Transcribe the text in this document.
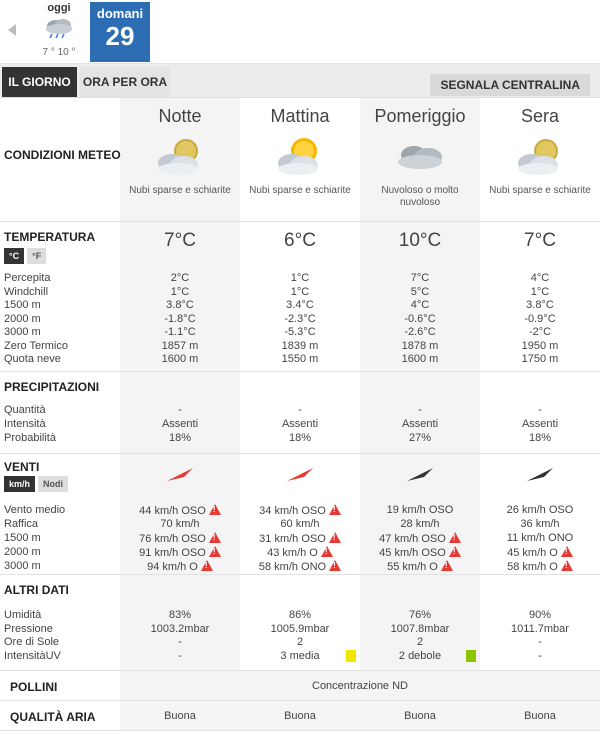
oggi
7 ° 10 °
domani
29
IL GIORNO	ORA PER ORA	SEGNALA CENTRALINA
CONDIZIONI METEO
Notte
Nubi sparse e schiarite
Mattina
Nubi sparse e schiarite
Pomeriggio
Nuvoloso o molto nuvoloso
Sera
Nubi sparse e schiarite
TEMPERATURA
°C	°F
7°C	6°C	10°C	7°C
Percepita	2°C	1°C	7°C	4°C
Windchill	1°C	1°C	5°C	1°C
1500 m	3.8°C	3.4°C	4°C	3.8°C
2000 m	-1.8°C	-2.3°C	-0.6°C	-0.9°C
3000 m	-1.1°C	-5.3°C	-2.6°C	-2°C
Zero Termico	1857 m	1839 m	1878 m	1950 m
Quota neve	1600 m	1550 m	1600 m	1750 m
PRECIPITAZIONI
Quantità	-	-	-	-
Intensità	Assenti	Assenti	Assenti	Assenti
Probabilità	18%	18%	27%	18%
VENTI
km/h	Nodi
Vento medio	44 km/h OSO !	34 km/h OSO !	19 km/h OSO	26 km/h OSO
Raffica	70 km/h	60 km/h	28 km/h	36 km/h
1500 m	76 km/h OSO !	31 km/h OSO !	47 km/h OSO !	11 km/h ONO
2000 m	91 km/h OSO !	43 km/h O !	45 km/h OSO !	45 km/h O!
3000 m	94 km/h O !	58 km/h ONO !	55 km/h O !	58 km/h O!
ALTRI DATI
Umidità	83%	86%	76%	90%
Pressione	1003.2mbar	1005.9mbar	1007.8mbar	1011.7mbar
Ore di Sole	-	2	2	-
IntensitàUV	-	3 media	2 debole	-
POLLINI	Concentrazione ND
QUALITÀ ARIA	Buona	Buona	Buona	Buona
